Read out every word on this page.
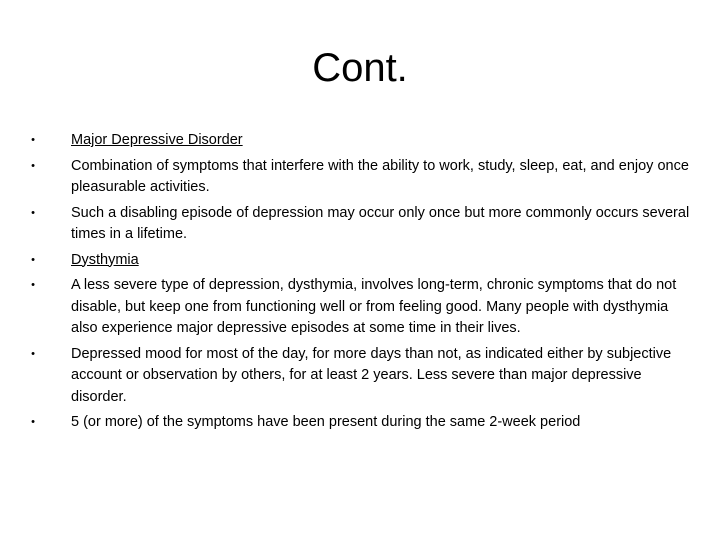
Cont.
• Major Depressive Disorder
• Combination of symptoms that interfere with the ability to work, study, sleep, eat, and enjoy once pleasurable activities.
• Such a disabling episode of depression may occur only once but more commonly occurs several times in a lifetime.
• Dysthymia
• A less severe type of depression, dysthymia, involves long-term, chronic symptoms that do not disable, but keep one from functioning well or from feeling good. Many people with dysthymia also experience major depressive episodes at some time in their lives.
• Depressed mood for most of the day, for more days than not, as indicated either by subjective account or observation by others, for at least 2 years. Less severe than major depressive disorder.
• 5 (or more) of the symptoms have been present during the same 2-week period
